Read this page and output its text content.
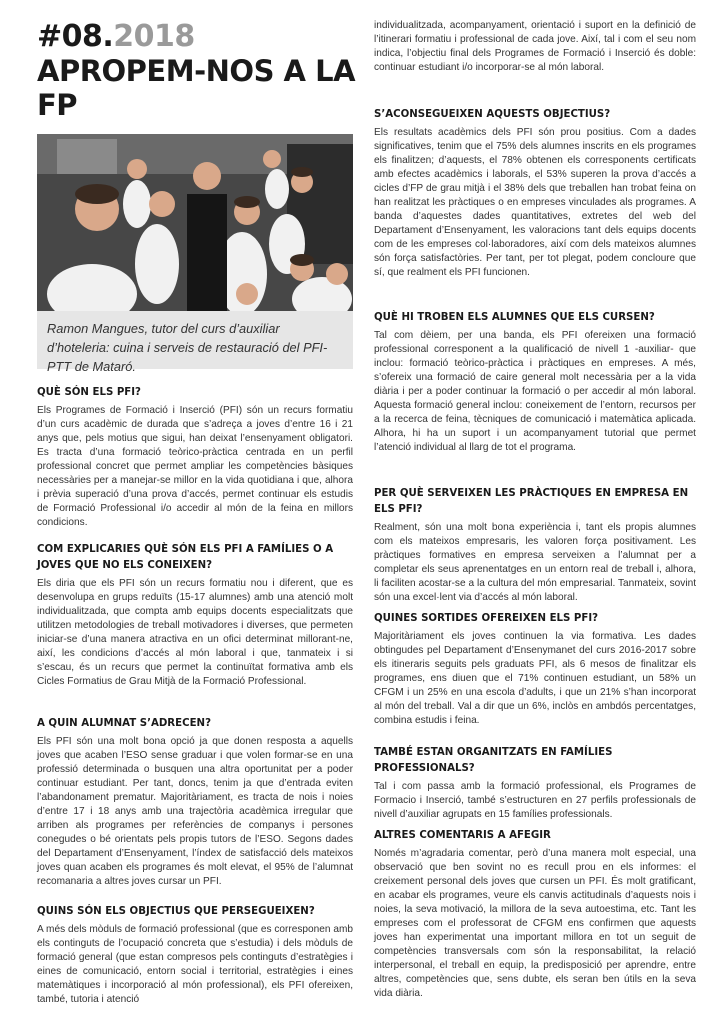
#08.2018
APROPEM-NOS A LA FP
Ramon Mangues, tutor del curs d’auxiliar d’hoteleria: cuina i serveis de restauració del PFI-PTT de Mataró.
QUÈ SÓN ELS PFI?

Els Programes de Formació i Inserció (PFI) són un recurs formatiu d’un curs acadèmic de durada que s’adreça a joves d’entre 16 i 21 anys que, pels motius que sigui, han deixat l’ensenyament obligatori. Es tracta d’una formació teòrico-pràctica centrada en un perfil professional concret que permet ampliar les competències bàsiques necessàries per a manejar-se millor en la vida quotidiana i que, alhora i prèvia superació d’una prova d’accés, permet continuar els estudis de Formació Professional i/o accedir al món de la feina en millors condicions.

COM EXPLICARIES QUÈ SÓN ELS PFI A FAMÍLIES O A JOVES QUE NO ELS CONEIXEN?

Els diria que els PFI són un recurs formatiu nou i diferent, que es desenvolupa en grups reduïts (15-17 alumnes) amb una atenció molt individualitzada, que compta amb equips docents especialitzats que utilitzen metodologies de treball motivadores i diverses, que permeten iniciar-se d’una manera atractiva en un ofici determinat millorant-ne, així, les condicions d’accés al món laboral i que, tanmateix i si s’escau, és un recurs que permet la continuïtat formativa amb els Cicles Formatius de Grau Mitjà de la Formació Professional.

A QUIN ALUMNAT S’ADRECEN?

Els PFI són una molt bona opció ja que donen resposta a aquells joves que acaben l’ESO sense graduar i que volen formar-se en una professió determinada o busquen una altra oportunitat per a poder continuar estudiant. Per tant, doncs, tenim ja que d’entrada eviten l’abandonament prematur. Majoritàriament, es tracta de nois i noies d’entre 17 i 18 anys amb una trajectòria acadèmica irregular que arriben als programes per referències de companys i persones conegudes o bé orientats pels propis tutors de l’ESO. Segons dades del Departament d’Ensenyament, l’índex de satisfacció dels mateixos joves quan acaben els programes és molt elevat, el 95% de l’alumnat recomanaria a altres joves cursar un PFI.

QUINS SÓN ELS OBJECTIUS QUE PERSEGUEIXEN?

A més dels mòduls de formació professional (que es corresponen amb els continguts de l’ocupació concreta que s’estudia) i dels mòduls de formació general (que estan compresos pels continguts d’estratègies i eines de comunicació, entorn social i territorial, estratègies i eines matemàtiques i incorporació al món professional), els PFI ofereixen, també, tutoria i atenció

individualitzada, acompanyament, orientació i suport en la definició de l’itinerari formatiu i professional de cada jove. Així, tal i com el seu nom indica, l’objectiu final dels Programes de Formació i Inserció és doble: continuar estudiant i/o incorporar-se al món laboral.

S’ACONSEGUEIXEN AQUESTS OBJECTIUS?

Els resultats acadèmics dels PFI són prou positius. Com a dades significatives, tenim que el 75% dels alumnes inscrits en els programes els finalitzen; d’aquests, el 78% obtenen els corresponents certificats amb efectes acadèmics i laborals, el 53% superen la prova d’accés a cicles d’FP de grau mitjà i el 38% dels que treballen han trobat feina on han realitzat les pràctiques o en empreses vinculades als programes. A banda d’aquestes dades quantitatives, extretes del web del Departament d’Ensenyament, les valoracions tant dels equips docents com de les empreses col·laboradores, així com dels mateixos alumnes són força satisfactòries. Per tant, per tot plegat, podem concloure que sí, que realment els PFI funcionen.

QUÈ HI TROBEN ELS ALUMNES QUE ELS CURSEN?

Tal com dèiem, per una banda, els PFI ofereixen una formació professional corresponent a la qualificació de nivell 1 -auxiliar- que inclou: formació teòrico-pràctica i pràctiques en empreses. A més, s’ofereix una formació de caire general molt necessària per a la vida diària i per a poder continuar la formació o per accedir al món laboral. Aquesta formació general inclou: coneixement de l’entorn, recursos per a la recerca de feina, tècniques de comunicació i matemàtica aplicada. Alhora, hi ha un suport i un acompanyament tutorial que permet l’atenció individual al llarg de tot el programa.

PER QUÈ SERVEIXEN LES PRÀCTIQUES EN EMPRESA EN ELS PFI?

Realment, són una molt bona experiència i, tant els propis alumnes com els mateixos empresaris, les valoren força positivament. Les pràctiques formatives en empresa serveixen a l’alumnat per a completar els seus aprenentatges en un entorn real de treball i, alhora, li faciliten acostar-se a la cultura del món empresarial. Tanmateix, sovint són una excel·lent via d’accés al món laboral.

QUINES SORTIDES OFEREIXEN ELS PFI?

Majoritàriament els joves continuen la via formativa. Les dades obtingudes pel Departament d’Ensenymanet del curs 2016-2017 sobre els itineraris seguits pels graduats PFI, als 6 mesos de finalitzar els programes, ens diuen que el 71% continuen estudiant, un 58% un CFGM i un 25% en una escola d’adults, i que un 21% s’han incorporat al món del treball. Val a dir que un 6%, inclòs en ambdós percentatges, combina estudis i feina.

TAMBÉ ESTAN ORGANITZATS EN FAMÍLIES PROFESSIONALS?

Tal i com passa amb la formació professional, els Programes de Formacio i Inserció, també s’estructuren en 27 perfils professionals de nivell d’auxiliar agrupats en 15 famílies professionals.

ALTRES COMENTARIS A AFEGIR

Només m’agradaria comentar, però d’una manera molt especial, una observació que ben sovint no es recull prou en els informes: el creixement personal dels joves que cursen un PFI. És molt gratificant, en acabar els programes, veure els canvis actitudinals d’aquests nois i noies, la seva motivació, la millora de la seva autoestima, etc. Tant les empreses com el professorat de CFGM ens confirmen que aquests joves han experimentat una important millora en tot un seguit de competències transversals com són la responsabilitat, la relació interpersonal, el treball en equip, la predisposició per aprendre, entre altres, competències que, sens dubte, els seran ben útils en la seva vida diària.
